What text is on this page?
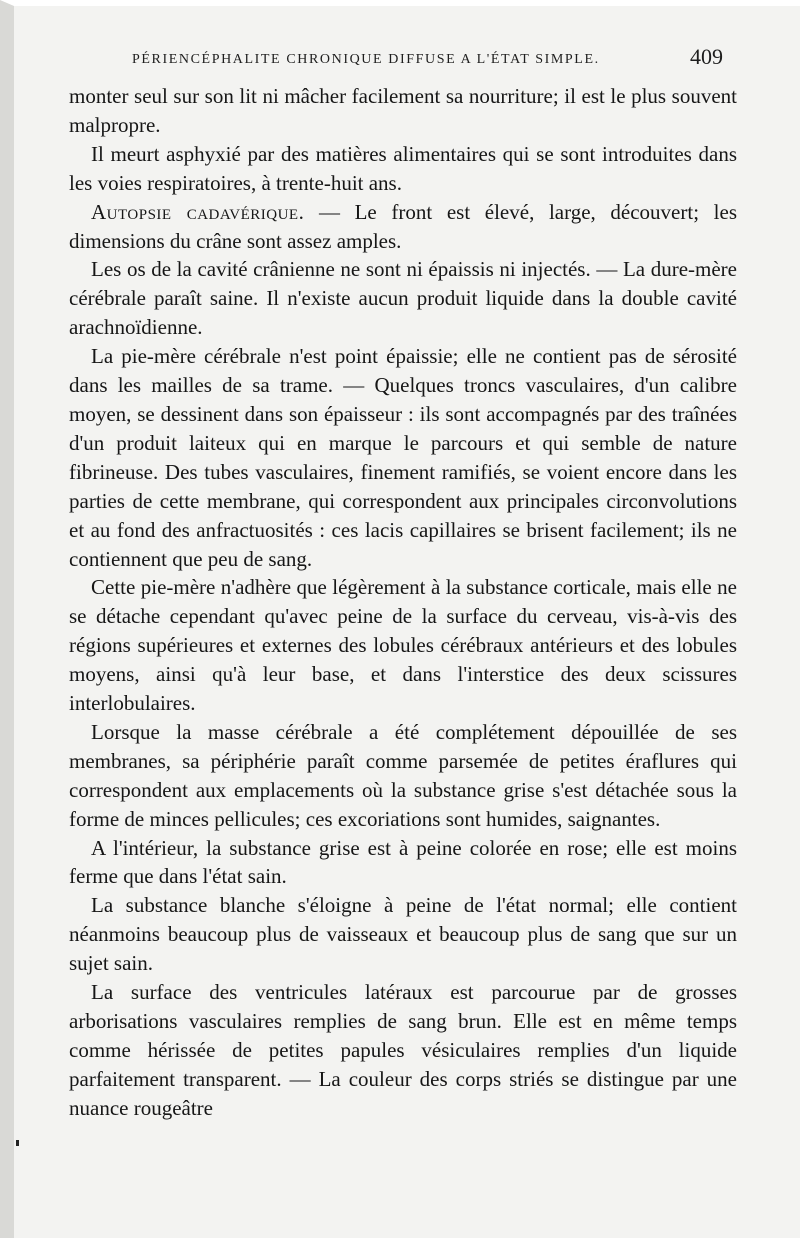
PÉRIENCÉPHALITE CHRONIQUE DIFFUSE A L'ÉTAT SIMPLE.	409

monter seul sur son lit ni mâcher facilement sa nourriture; il est le plus souvent malpropre.

Il meurt asphyxié par des matières alimentaires qui se sont introduites dans les voies respiratoires, à trente-huit ans.

Autopsie cadavérique. — Le front est élevé, large, découvert; les dimensions du crâne sont assez amples.

Les os de la cavité crânienne ne sont ni épaissis ni injectés. — La dure-mère cérébrale paraît saine. Il n'existe aucun produit liquide dans la double cavité arachnoïdienne.

La pie-mère cérébrale n'est point épaissie; elle ne contient pas de sérosité dans les mailles de sa trame. — Quelques troncs vasculaires, d'un calibre moyen, se dessinent dans son épaisseur : ils sont accompagnés par des traînées d'un produit laiteux qui en marque le parcours et qui semble de nature fibrineuse. Des tubes vasculaires, finement ramifiés, se voient encore dans les parties de cette membrane, qui correspondent aux principales circonvolutions et au fond des anfractuosités : ces lacis capillaires se brisent facilement; ils ne contiennent que peu de sang.

Cette pie-mère n'adhère que légèrement à la substance corticale, mais elle ne se détache cependant qu'avec peine de la surface du cerveau, vis-à-vis des régions supérieures et externes des lobules cérébraux antérieurs et des lobules moyens, ainsi qu'à leur base, et dans l'interstice des deux scissures interlobulaires.

Lorsque la masse cérébrale a été complétement dépouillée de ses membranes, sa périphérie paraît comme parsemée de petites éraflures qui correspondent aux emplacements où la substance grise s'est détachée sous la forme de minces pellicules; ces excoriations sont humides, saignantes.

A l'intérieur, la substance grise est à peine colorée en rose; elle est moins ferme que dans l'état sain.

La substance blanche s'éloigne à peine de l'état normal; elle contient néanmoins beaucoup plus de vaisseaux et beaucoup plus de sang que sur un sujet sain.

La surface des ventricules latéraux est parcourue par de grosses arborisations vasculaires remplies de sang brun. Elle est en même temps comme hérissée de petites papules vésiculaires remplies d'un liquide parfaitement transparent. — La couleur des corps striés se distingue par une nuance rougeâtre
